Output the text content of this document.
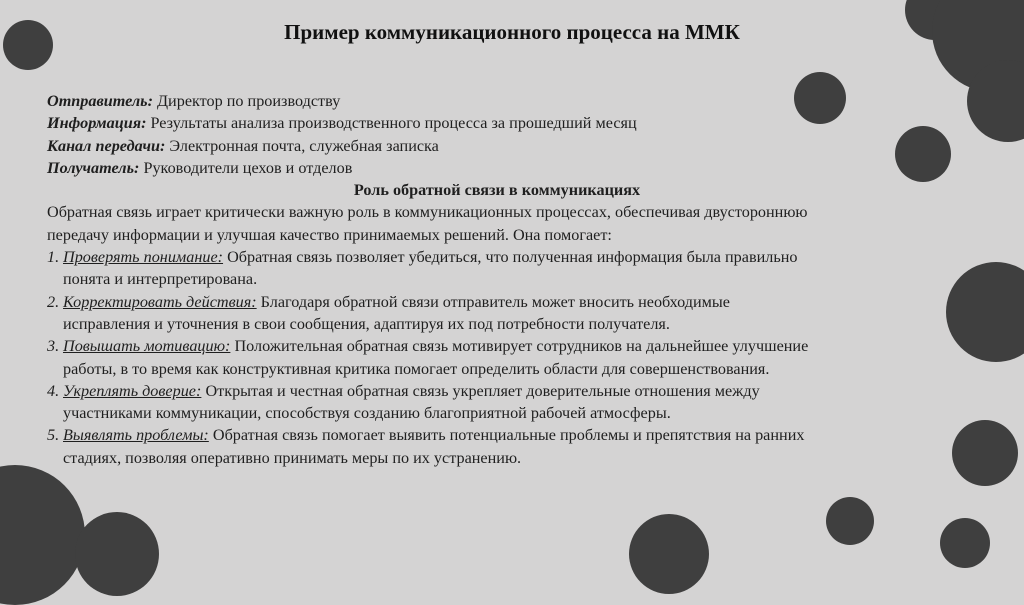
Пример коммуникационного процесса на ММК
Отправитель: Директор по производству
Информация: Результаты анализа производственного процесса за прошедший месяц
Канал передачи: Электронная почта, служебная записка
Получатель: Руководители цехов и отделов
Роль обратной связи в коммуникациях
Обратная связь играет критически важную роль в коммуникационных процессах, обеспечивая двустороннюю
передачу информации и улучшая качество принимаемых решений. Она помогает:
1. Проверять понимание: Обратная связь позволяет убедиться, что полученная информация была правильно
понята и интерпретирована.
2. Корректировать действия: Благодаря обратной связи отправитель может вносить необходимые
исправления и уточнения в свои сообщения, адаптируя их под потребности получателя.
3. Повышать мотивацию: Положительная обратная связь мотивирует сотрудников на дальнейшее улучшение
работы, в то время как конструктивная критика помогает определить области для совершенствования.
4. Укреплять доверие: Открытая и честная обратная связь укрепляет доверительные отношения между
участниками коммуникации, способствуя созданию благоприятной рабочей атмосферы.
5. Выявлять проблемы: Обратная связь помогает выявить потенциальные проблемы и препятствия на ранних
стадиях, позволяя оперативно принимать меры по их устранению.
